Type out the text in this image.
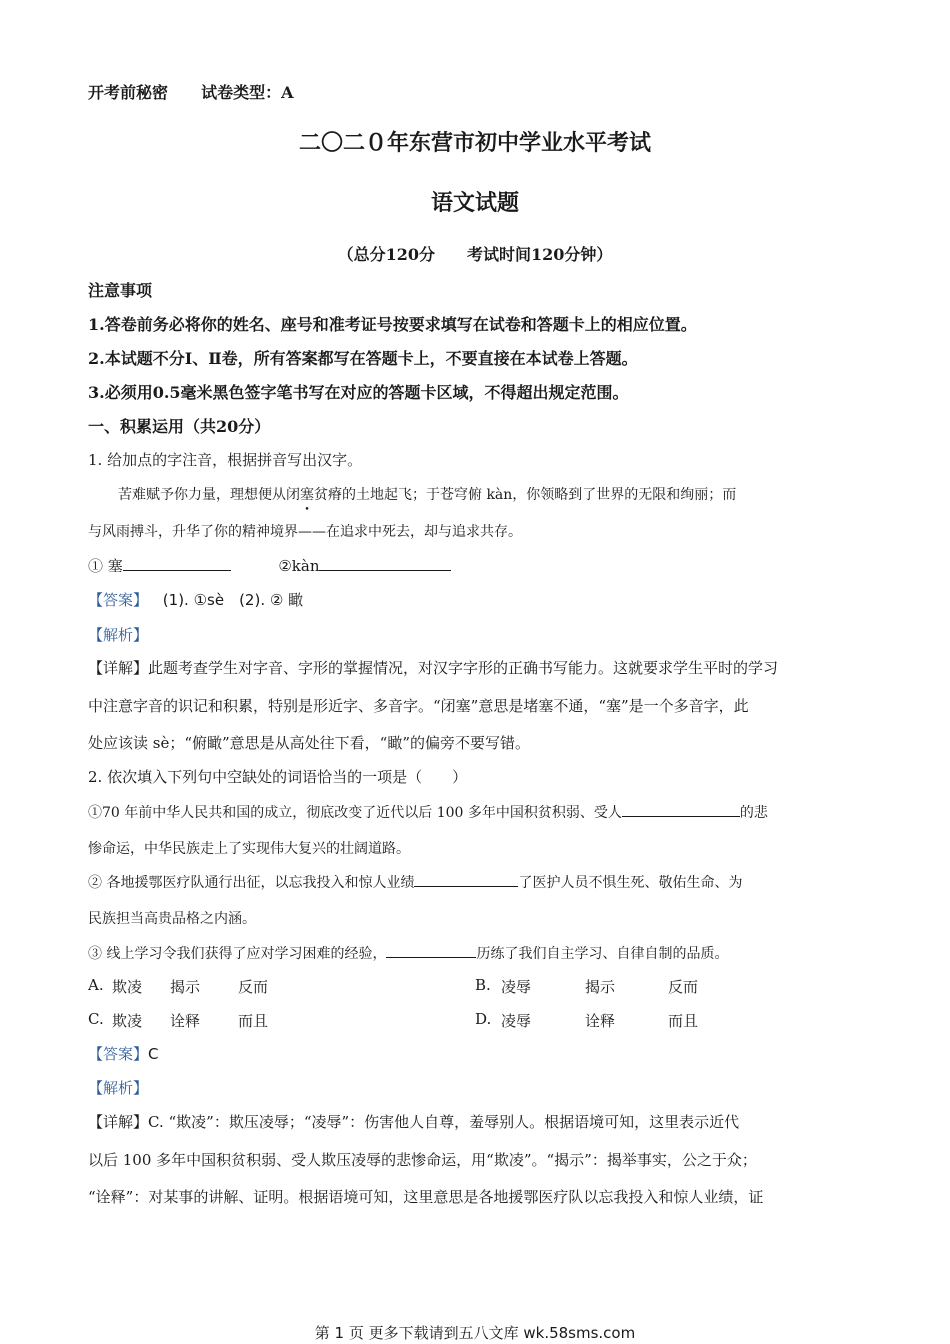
开考前秘密 试卷类型：A
二〇二０年东营市初中学业水平考试
语文试题
（总分120分　　考试时间120分钟）
注意事项
1.答卷前务必将你的姓名、座号和准考证号按要求填写在试卷和答题卡上的相应位置。
2.本试题不分Ⅰ、Ⅱ卷，所有答案都写在答题卡上，不要直接在本试卷上答题。
3.必须用0.5毫米黑色签字笔书写在对应的答题卡区域，不得超出规定范围。
一、积累运用（共20分）
1. 给加点的字注音，根据拼音写出汉字。
苦难赋予你力量，理想便从闭塞贫瘠的土地起飞；于苍穹俯 kàn，你领略到了世界的无限和绚丽；而
与风雨搏斗，升华了你的精神境界——在追求中死去，却与追求共存。
① 塞	②kàn
【答案】 (1). ①sè　(2). ② 瞰
【解析】
【详解】此题考查学生对字音、字形的掌握情况，对汉字字形的正确书写能力。这就要求学生平时的学习
中注意字音的识记和积累，特别是形近字、多音字。“闭塞”意思是堵塞不通，“塞”是一个多音字，此
处应该读 sè；“俯瞰”意思是从高处往下看，“瞰”的偏旁不要写错。
2. 依次填入下列句中空缺处的词语恰当的一项是（　　）
①70 年前中华人民共和国的成立，彻底改变了近代以后 100 多年中国积贫积弱、受人	的悲
惨命运，中华民族走上了实现伟大复兴的壮阔道路。
② 各地援鄂医疗队通行出征，以忘我投入和惊人业绩	了医护人员不惧生死、敬佑生命、为
民族担当高贵品格之内涵。
③ 线上学习令我们获得了应对学习困难的经验，	历练了我们自主学习、自律自制的品质。
A. 欺凌 揭示	反而	B. 凌辱	揭示	反而
C. 欺凌 诠释	而且	D. 凌辱	诠释	而且
【答案】C
【解析】
【详解】C. “欺凌”：欺压凌辱；“凌辱”：伤害他人自尊，羞辱别人。根据语境可知，这里表示近代
以后 100 多年中国积贫积弱、受人欺压凌辱的悲惨命运，用“欺凌”。“揭示”：揭举事实，公之于众；
“诠释”：对某事的讲解、证明。根据语境可知，这里意思是各地援鄂医疗队以忘我投入和惊人业绩，证
第 1 页 更多下载请到五八文库 wk.58sms.com
